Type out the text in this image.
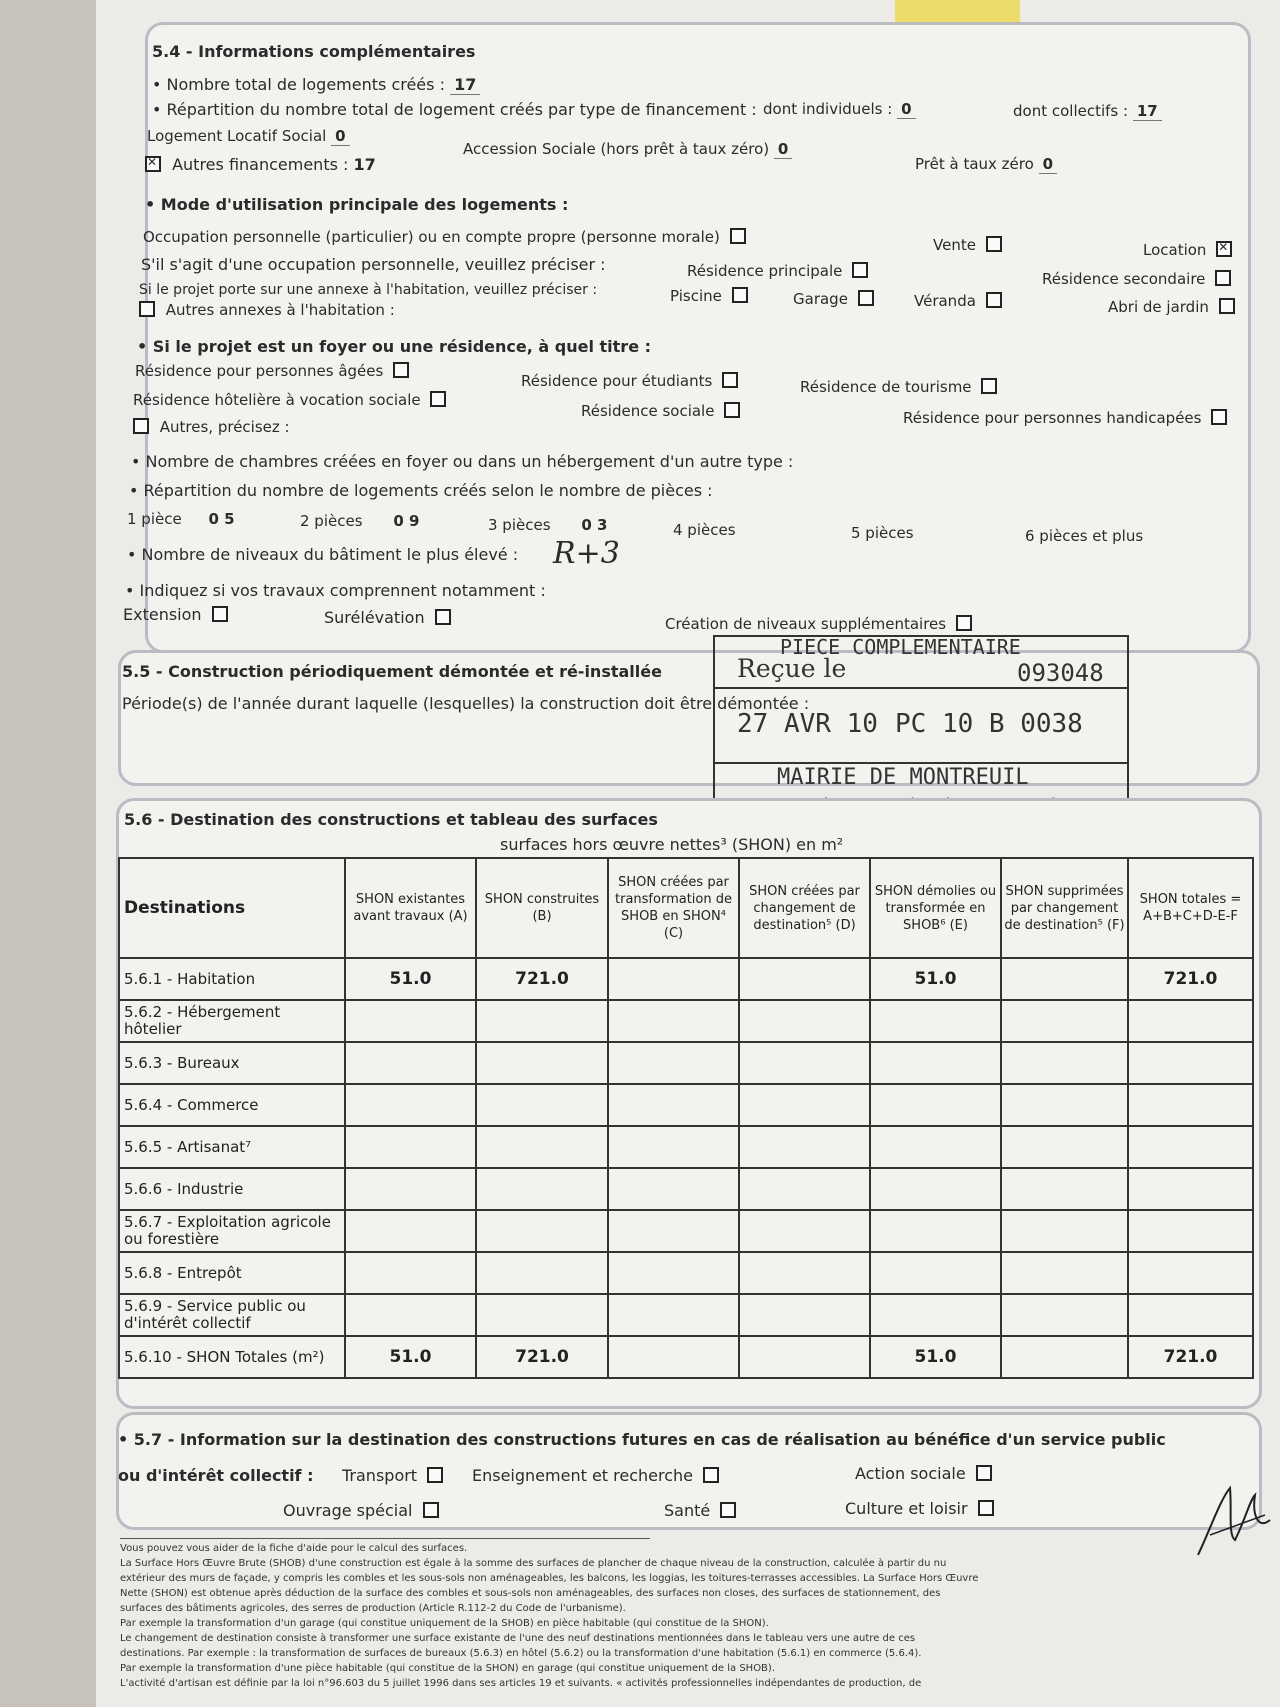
5.4 - Informations complémentaires
• Nombre total de logements créés : 17
• Répartition du nombre total de logement créés par type de financement : dont individuels : 0	dont collectifs : 17
Logement Locatif Social 0
Accession Sociale (hors prêt à taux zéro) 0
Prêt à taux zéro 0
✕ Autres financements : 17
• Mode d'utilisation principale des logements :
Occupation personnelle (particulier) ou en compte propre (personne morale)	Vente	Location ✕
S'il s'agit d'une occupation personnelle, veuillez préciser :	Résidence principale	Résidence secondaire
Si le projet porte sur une annexe à l'habitation, veuillez préciser :	Piscine	Garage	Véranda	Abri de jardin
Autres annexes à l'habitation :
• Si le projet est un foyer ou une résidence, à quel titre :
Résidence pour personnes âgées
Résidence pour étudiants	Résidence de tourisme
Résidence hôtelière à vocation sociale
Résidence sociale	Résidence pour personnes handicapées
Autres, précisez :
• Nombre de chambres créées en foyer ou dans un hébergement d'un autre type :
• Répartition du nombre de logements créés selon le nombre de pièces :
1 pièce 0 5	2 pièces 0 9	3 pièces 0 3	4 pièces	5 pièces	6 pièces et plus
• Nombre de niveaux du bâtiment le plus élevé : R+3
• Indiquez si vos travaux comprennent notamment :
Extension	Surélévation	Création de niveaux supplémentaires
5.5 - Construction périodiquement démontée et ré-installée
Période(s) de l'année durant laquelle (lesquelles) la construction doit être démontée :
PIECE COMPLEMENTAIRE
Reçue le	093048
27 AVR 10 PC 10 B 0038
MAIRIE DE MONTREUIL
5.6 - Destination des constructions et tableau des surfaces
surfaces hors œuvre nettes³ (SHON) en m²
Destinations	SHON existantes avant travaux (A)	SHON construites (B)	SHON créées par transformation de SHOB en SHON⁴ (C)	SHON créées par changement de destination⁵ (D)	SHON démolies ou transformée en SHOB⁶ (E)	SHON supprimées par changement de destination⁵ (F)	SHON totales = A+B+C+D-E-F
5.6.1 - Habitation	51.0	721.0			51.0		721.0
5.6.2 - Hébergement hôtelier							
5.6.3 - Bureaux							
5.6.4 - Commerce							
5.6.5 - Artisanat⁷							
5.6.6 - Industrie							
5.6.7 - Exploitation agricole ou forestière							
5.6.8 - Entrepôt							
5.6.9 - Service public ou d'intérêt collectif							
5.6.10 - SHON Totales (m²)	51.0	721.0			51.0		721.0
• 5.7 - Information sur la destination des constructions futures en cas de réalisation au bénéfice d'un service public
ou d'intérêt collectif : Transport	Enseignement et recherche	Action sociale
Ouvrage spécial	Santé	Culture et loisir
Vous pouvez vous aider de la fiche d'aide pour le calcul des surfaces.
La Surface Hors Œuvre Brute (SHOB) d'une construction est égale à la somme des surfaces de plancher de chaque niveau de la construction, calculée à partir du nu
extérieur des murs de façade, y compris les combles et les sous-sols non aménageables, les balcons, les loggias, les toitures-terrasses accessibles. La Surface Hors Œuvre
Nette (SHON) est obtenue après déduction de la surface des combles et sous-sols non aménageables, des surfaces non closes, des surfaces de stationnement, des
surfaces des bâtiments agricoles, des serres de production (Article R.112-2 du Code de l'urbanisme).
Par exemple la transformation d'un garage (qui constitue uniquement de la SHOB) en pièce habitable (qui constitue de la SHON).
Le changement de destination consiste à transformer une surface existante de l'une des neuf destinations mentionnées dans le tableau vers une autre de ces
destinations. Par exemple : la transformation de surfaces de bureaux (5.6.3) en hôtel (5.6.2) ou la transformation d'une habitation (5.6.1) en commerce (5.6.4).
Par exemple la transformation d'une pièce habitable (qui constitue de la SHON) en garage (qui constitue uniquement de la SHOB).
L'activité d'artisan est définie par la loi n°96.603 du 5 juillet 1996 dans ses articles 19 et suivants. « activités professionnelles indépendantes de production, de
